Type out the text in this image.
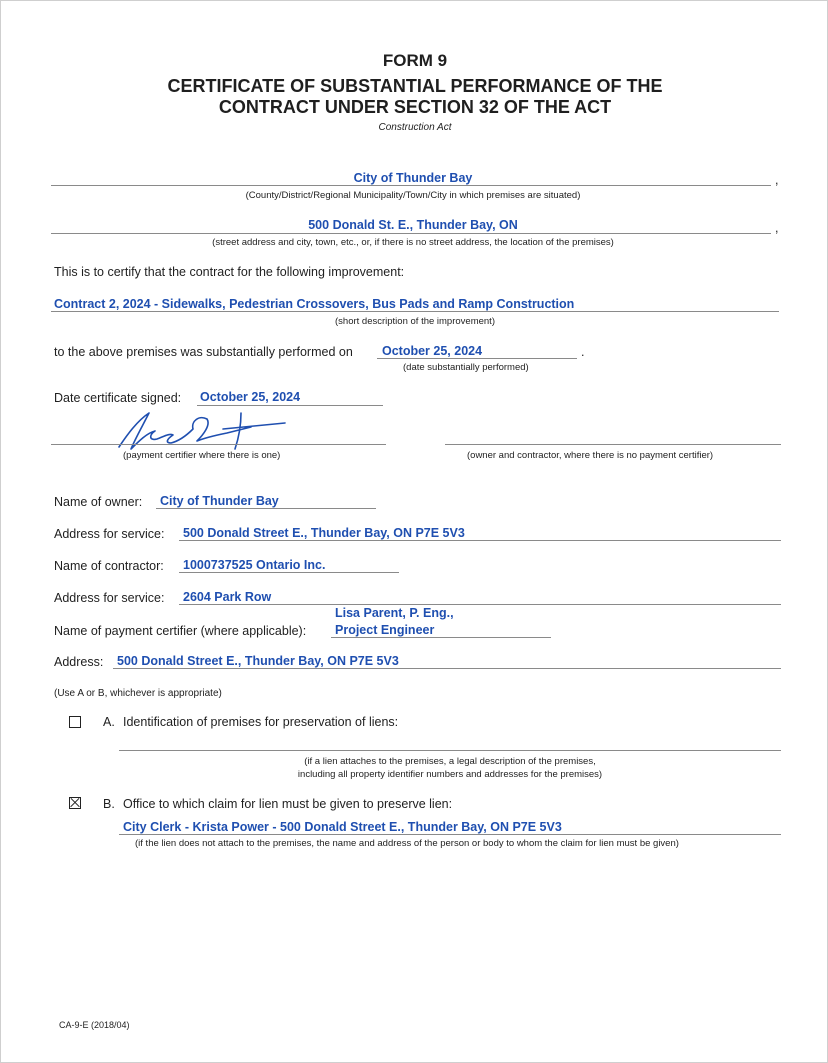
FORM 9
CERTIFICATE OF SUBSTANTIAL PERFORMANCE OF THE
CONTRACT UNDER SECTION 32 OF THE ACT
Construction Act
City of Thunder Bay	,
(County/District/Regional Municipality/Town/City in which premises are situated)
500 Donald St. E., Thunder Bay, ON	,
(street address and city, town, etc., or, if there is no street address, the location of the premises)
This is to certify that the contract for the following improvement:
Contract 2, 2024 - Sidewalks, Pedestrian Crossovers, Bus Pads and Ramp Construction
(short description of the improvement)
to the above premises was substantially performed on October 25, 2024	.
(date substantially performed)
Date certificate signed: October 25, 2024
(payment certifier where there is one)	(owner and contractor, where there is no payment certifier)
Name of owner: City of Thunder Bay
Address for service: 500 Donald Street E., Thunder Bay, ON P7E 5V3
Name of contractor: 1000737525 Ontario Inc.
Address for service: 2604 Park Row
Lisa Parent, P. Eng.,
Name of payment certifier (where applicable): Project Engineer
Address: 500 Donald Street E., Thunder Bay, ON P7E 5V3
(Use A or B, whichever is appropriate)
A. Identification of premises for preservation of liens:
(if a lien attaches to the premises, a legal description of the premises,
including all property identifier numbers and addresses for the premises)
B. Office to which claim for lien must be given to preserve lien:
City Clerk - Krista Power - 500 Donald Street E., Thunder Bay, ON P7E 5V3
(if the lien does not attach to the premises, the name and address of the person or body to whom the claim for lien must be given)
CA-9-E (2018/04)
